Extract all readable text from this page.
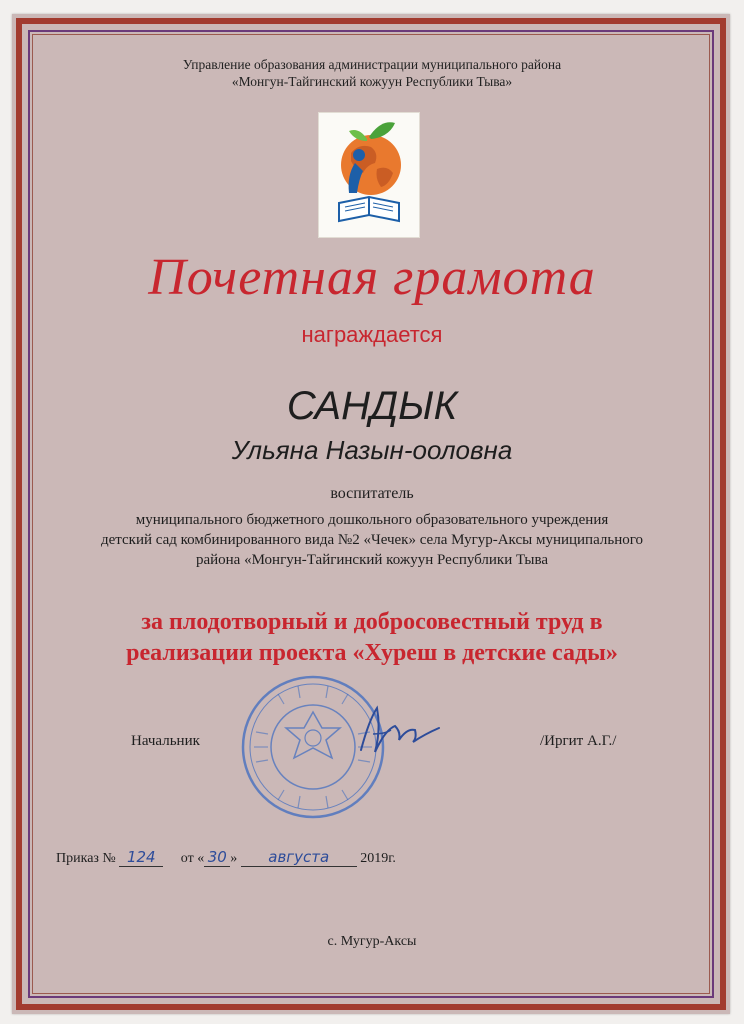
Управление образования администрации муниципального района
«Монгун-Тайгинский кожуун Республики Тыва»
Почетная грамота
награждается
САНДЫК
Ульяна Назын-ооловна
воспитатель
муниципального бюджетного дошкольного образовательного учреждения
детский сад комбинированного вида №2 «Чечек» села Мугур-Аксы муниципального
района «Монгун-Тайгинский кожуун Республики Тыва
за плодотворный и добросовестный труд в
реализации проекта «Хуреш в детские сады»
Начальник	/Иргит А.Г./
Приказ № 124 от « 30 » августа 2019г.
с. Мугур-Аксы
